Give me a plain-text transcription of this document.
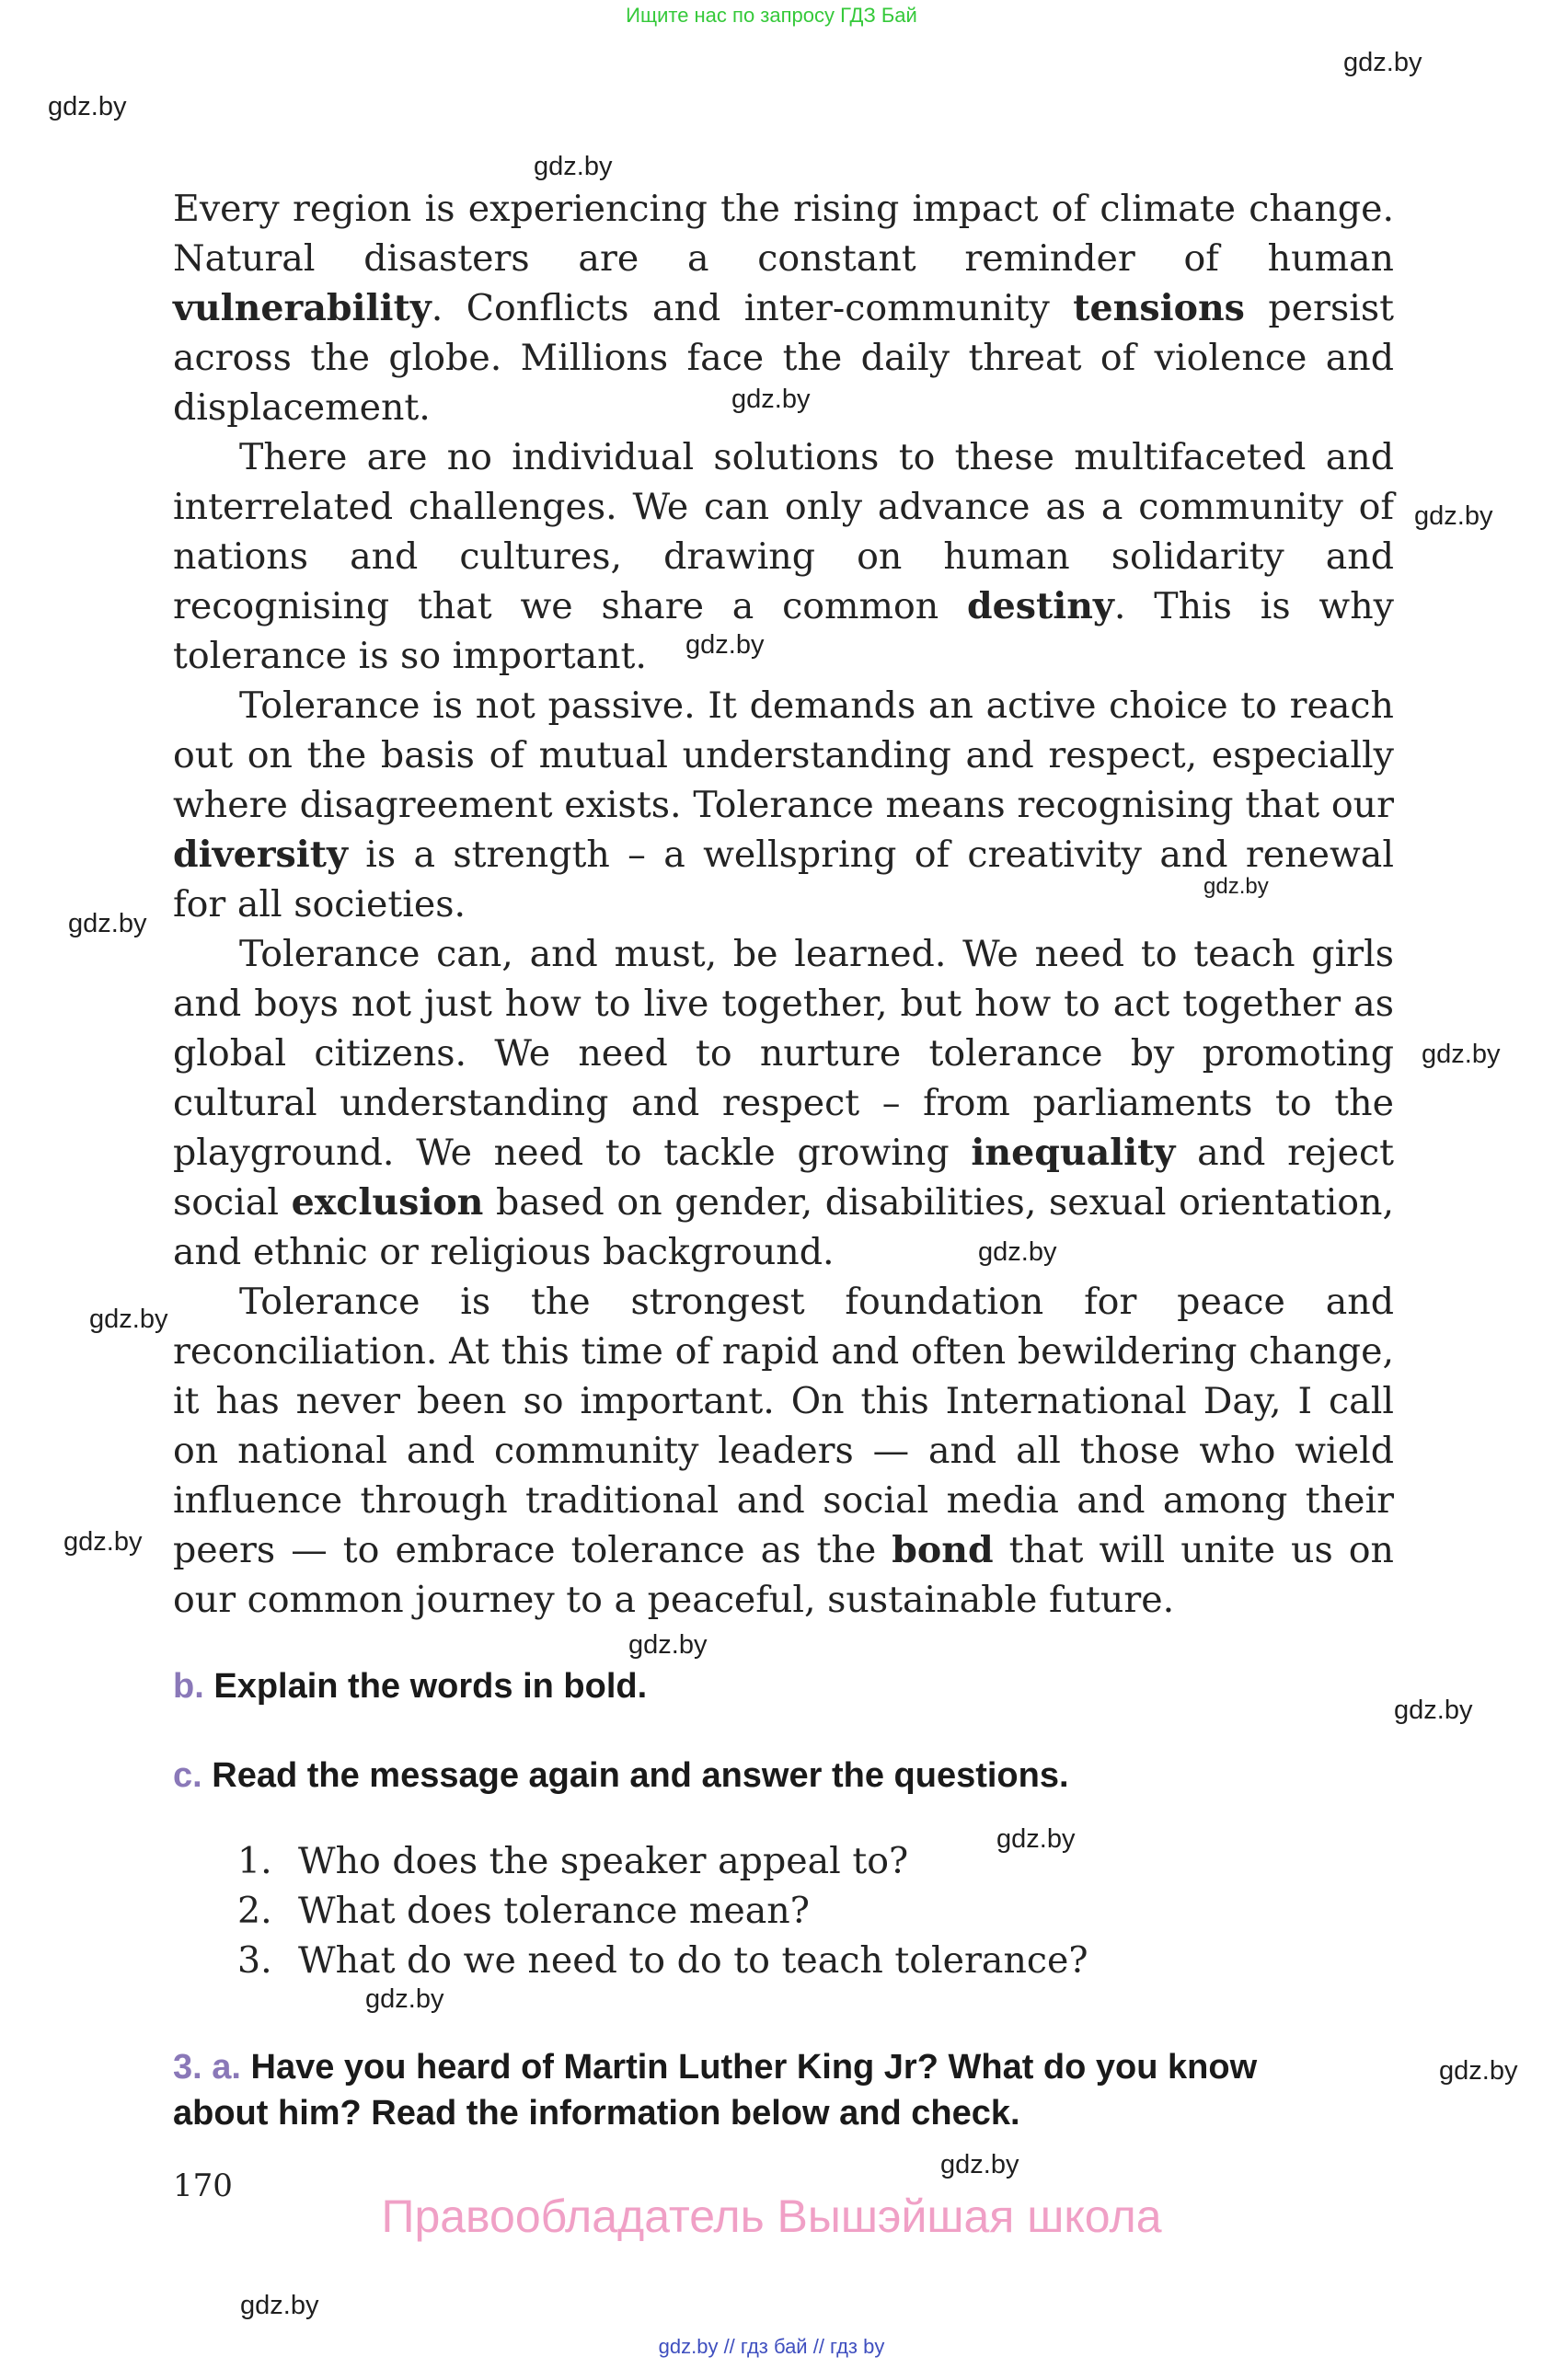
Ищите нас по запросу ГДЗ Бай
gdz.by
gdz.by
gdz.by
gdz.by
gdz.by
gdz.by
gdz.by
gdz.by
gdz.by
gdz.by
gdz.by
gdz.by
gdz.by
gdz.by
gdz.by
gdz.by
gdz.by
gdz.by
gdz.by

Every region is experiencing the rising impact of climate change. Natural disasters are a constant reminder of human vulnerability. Conflicts and inter-community tensions persist across the globe. Millions face the daily threat of violence and displacement.

There are no individual solutions to these multifaceted and interrelated challenges. We can only advance as a community of nations and cultures, drawing on human solidarity and recognising that we share a common destiny. This is why tolerance is so important.

Tolerance is not passive. It demands an active choice to reach out on the basis of mutual understanding and respect, especially where disagreement exists. Tolerance means recognising that our diversity is a strength – a wellspring of creativity and renewal for all societies.

Tolerance can, and must, be learned. We need to teach girls and boys not just how to live together, but how to act together as global citizens. We need to nurture tolerance by promoting cultural understanding and respect – from parliaments to the playground. We need to tackle growing inequality and reject social exclusion based on gender, disabilities, sexual orientation, and ethnic or religious background.

Tolerance is the strongest foundation for peace and reconciliation. At this time of rapid and often bewildering change, it has never been so important. On this International Day, I call on national and community leaders — and all those who wield influence through traditional and social media and among their peers — to embrace tolerance as the bond that will unite us on our common journey to a peaceful, sustainable future.

b. Explain the words in bold.
c. Read the message again and answer the questions.
1. Who does the speaker appeal to?
2. What does tolerance mean?
3. What do we need to do to teach tolerance?
3. a. Have you heard of Martin Luther King Jr? What do you know
about him? Read the information below and check.
170
Правообладатель Вышэйшая школа
gdz.by // гдз бай // гдз by
